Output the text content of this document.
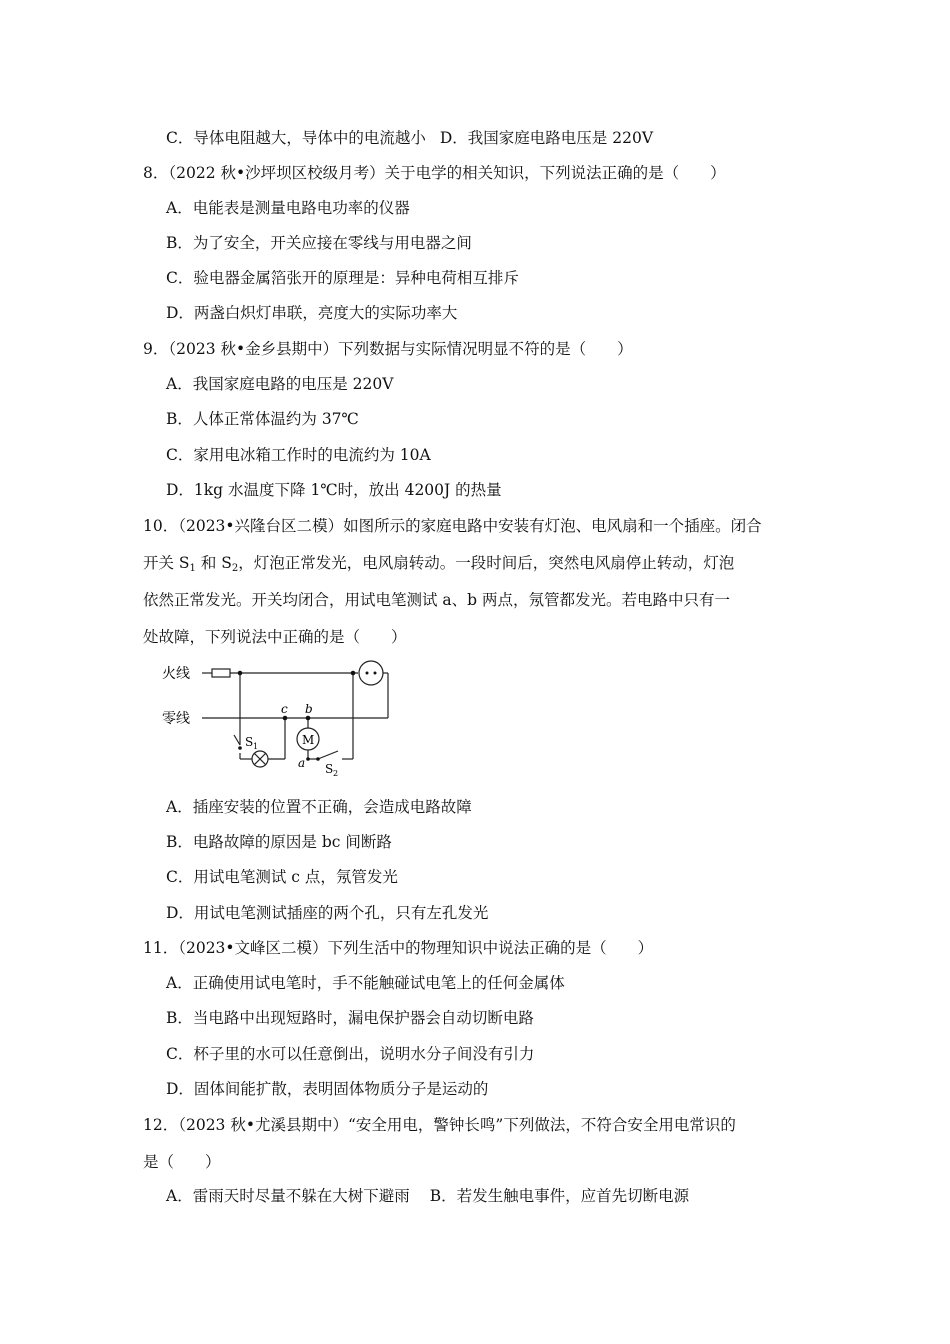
C．导体电阻越大，导体中的电流越小 D．我国家庭电路电压是 220V
8．（2022 秋•沙坪坝区校级月考）关于电学的相关知识，下列说法正确的是（　　）
A．电能表是测量电路电功率的仪器
B．为了安全，开关应接在零线与用电器之间
C．验电器金属箔张开的原理是：异种电荷相互排斥
D．两盏白炽灯串联，亮度大的实际功率大
9．（2023 秋•金乡县期中）下列数据与实际情况明显不符的是（　　）
A．我国家庭电路的电压是 220V
B．人体正常体温约为 37℃
C．家用电冰箱工作时的电流约为 10A
D．1kg 水温度下降 1℃时，放出 4200J 的热量
10．（2023•兴隆台区二模）如图所示的家庭电路中安装有灯泡、电风扇和一个插座。闭合
开关 $S_1$ 和 $S_2$，灯泡正常发光，电风扇转动。一段时间后，突然电风扇停止转动，灯泡
依然正常发光。开关均闭合，用试电笔测试 a、b 两点，氖管都发光。若电路中只有一
处故障，下列说法中正确的是（　　）
火线
零线
c b
a
M
S 1
S 2
A．插座安装的位置不正确，会造成电路故障
B．电路故障的原因是 bc 间断路
C．用试电笔测试 c 点，氖管发光
D．用试电笔测试插座的两个孔，只有左孔发光
11．（2023•文峰区二模）下列生活中的物理知识中说法正确的是（　　）
A．正确使用试电笔时，手不能触碰试电笔上的任何金属体
B．当电路中出现短路时，漏电保护器会自动切断电路
C．杯子里的水可以任意倒出，说明水分子间没有引力
D．固体间能扩散，表明固体物质分子是运动的
12．（2023 秋•尤溪县期中）“安全用电，警钟长鸣”下列做法，不符合安全用电常识的
是（　　）
A．雷雨天时尽量不躲在大树下避雨 B．若发生触电事件，应首先切断电源
